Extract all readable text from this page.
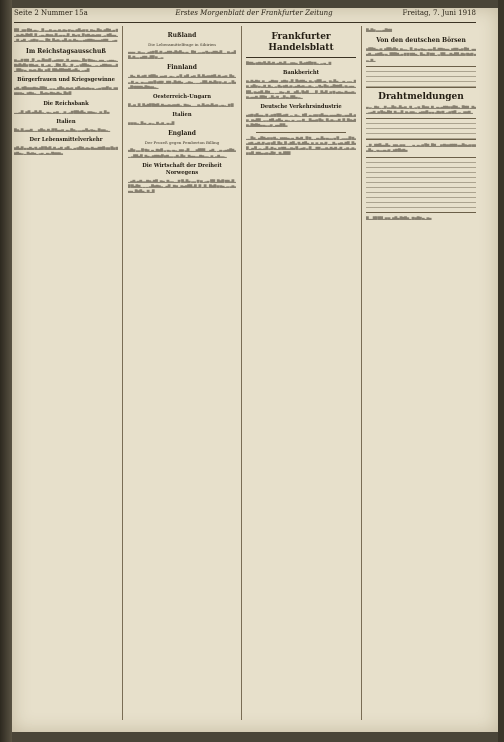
Seite 2 Nummer 15a	Erstes Morgenblatt der Frankfurter Zeitung	Freitag, 7. Juni 1918
▇▇ ▂▅▅ ▇▆▃▄▃ ▂▇ ▃▃▅▃▄▃▅▃▅▄ ▅ ▄▃▅▇▄▅ ▅▂▅▄▃▇▅▃▅▇▆▃▄ ▆▂▅▄▆▄▇▆▇▂▇▂▃▄▃▆▅▅▃▇▃▄ ▄▃▇ ▂▆▄ ▅▂▇ ▅▆▄▅▄▅▅ ▂▃ ▆▇▄▄▂ ▂▆▂▄▆▂ ▃▅▆ ▅ ▃▃▂▇▆▂▇▄▅▃ ▄▇▃▅▃▆▄▃▃ ▄▅▆▆▅▄▄▄▅▆▆▂▂▃▄
Im Reichstagsausschuß
▅▃▃▆ ▆▆ ▂▇ ▂▄▃▇▅▅▇ ▃▄▅▅▅ ▂▆▂▄▄▄▃▂▇▅ ▆▅▄▃▂▄▄▂ ▃▄▄▃▂▆▅▇▅▇▅ ▆▆▄▅▂ ▆▂▃▅▂ ▂▇▆▂▇▃ ▂▆ ▂▃ ▅▇▇▅▄▂▂▃▂▄▆▆▅▅▃▃▆ ▂▇▇▅ ▄▂ ▅▄▅▃▇▅▂▅ ▇▂▇▇▅▇▇▆▆▇▄▅▇▄▂▃ ▄▇
Bürgerfrauen und Kriegsgewinne
▄▆▃ ▆▇▅▅▅▆▅▄▇▇▆▂ ▃ ▃▂▅▇▅▃▅▄▅▂▅▇▄▅▄▅▄ ▄▂▃▄ ▅▅▇ ▅▂▅▅▅▅ ▅▄▂ ▅▆▅▃▂▂▇▄▅▄ ▆▅▄▆▄▂▇▅ ▇
Die Reichsbank
▂▂▃▇▂▅▇▃▄▇▄▇▃▂ ▄▃▂▄ ▅▂ ▂▅ ▂▃▆ ▇▇▅▇▄▂▅▅▄▃ ▂▅▂▇ ▄
Italien
▇▅▃▇▃▄▄▆▂ ▂ ▅▇▅▃▆▃▇ ▇▄▄▅▂▄▃▇▅▃ ▃▃▄ ▇▄ ▅▄▃ ▇ ▅▅▃▂
Der Lebensmittelverkehr
▅▇▄▇ ▄ ▄▆▄ ▆▃▅▇ ▇▅▇▃▆▃▄▆▂▅▇▃▂▄ ▅▇▆▃▅▄ ▆▄▄▆▆▇ ▅▅ ▇▅ ▆ ▅▆▄▃ ▂ ▆▄▅▄▂ ▃▄ ▂▄▃ ▆▅▅▅▃
Rußland
Die Lebensmittelfrage in Sibirien
▄▄▄ ▂▅▃▃ ▂▄▅▆ ▇▃▆ ▃▄▆▆ ▄▇▅▇▄▃▄▂ ▇▆▂▃▃▄ ▆▄ ▄▆▆▄▇▂▂ ▅▃▄▇▇▃▆▃▃ ▄▆▆ ▃▇▇ ▅ ▂ ▃
Finnland
▂▆▄▂▆▃▅▆▂▆▇▇▅▂▄▄▅ ▂▄▃▂▄ ▇▂▅▇▂▄▅▂▇▃▇▄▅▅▆▇▃▆▃▄▅▂▇▅▂▃ ▆▂▄▂ ▄ ▃▃▅▅ ▇ ▅▆▆ ▂▆▆ ▃▇▅▆▄ ▂▃▅▄▂ ▂▂▃▇▇▃▆▄▇▅ ▅ ▃▅▂▃ ▇▄ ▃▇ ▆▆▆▆▄▇▆▅▅▃▂
Oesterreich-Ungarn
▇ ▃▅▂▇▂▇▄▆▇ ▇▆▇▃▆▄▄▅▄▅▅▆▃▂▆▅▄▂▂▂▅▃▇▄▅▄▇▄▅ ▃ ▄▃▂▆ ▇
Italien
▅ ▅ ▅▃▂▇ ▄ ▂▄ ▃▂▆ ▃▅▂ ▄ ▃▇
England
Der Prozeß gegen Pemberton Billing
▄▇▅ ▃▃ ▇ ▆▅▂▄▂▆▅▇ ▃ ▄▃ ▄▃▂▅▅ ▃▇▂▂▂▅▇▇▇▂▂▄▆▂ ▂▄ ▃▄▅▇▆▃ ▂ ▃▇▇▄▇▂▆▄ ▃▅▆▆▅▇ ▅▆▃▃ ▃▆▃▇▅ ▂▆▄▄▃▃▆▅▃▃▂▅▂▃▆▃▃▂
Die Wirtschaft der Dreiheit Norwegens
▂▄▆▃▄▆▃▃▆▅▃▆▇▂▅▄▂▆▃▃▂▂▆ ▇▃▇▄ ▃▃ ▆ ▅▂▃▄ ▇▇▂▇▅▇ ▆▆▃▇▂ ▇ ▇▄▇▆▂ ▂ ▂ ▃▇▅▆▅▃ ▂▄▇ ▂▆▅ ▂▅▄▅▇▇▃▇▂▇ ▂▇▂ ▇▅▇ ▅ ▅▄▂▃ ▃▅▃▄▄▂▇▅▇▄▂ ▆ ▂▇
Frankfurter Handelsblatt
▇▆▆▄ ▅▆▅ ▇▄▇▄▆▃▄▆▄▇▃▃▅▅▄▂▇▄▅▆▇▆ ▆▃▂▃ ▄▂ ▆
Bankbericht
▅▃▆▄▆▅▂▅▂▂▄▆▅▅ ▂▅▆▅ ▃▇▂▇▅▆▆▄▂▅▃ ▅▇▇▃▄▂ ▅▃▇▄▂▂▄▂▃▃▂▆ ▅▂▅▇▅ ▄ ▃▆▂▆▃▂▃ ▆▄ ▅▆▃▅ ▃▄▆▄▅▃▃▅▃▂▃ ▆▄ ▇▅▃▄▇▆▆▇▃ ▅▃▄▄▂ ▇▇▃ ▅▄▅▇▃▇▆▂▂ ▂▂▅▄ ▃▆▂▂▅▇▃ ▇▅▇▂▂▂▇ ▂▇▄▇▂▅ ▆ ▄▅▄▃▆▄▄▅▃▅▃▄▄▆▃▇▇▆▂▃▇▄ ▆▂▃▇ ▄▃▇▇▄ ▃▂
Deutsche Verkehrsindustrie
▄▅▆ ▅▇▄▄▃ ▆ ▃▅ ▆ ▇▇▄▅▆▂▃▂▅▃▂ ▆▇▂▄▃▅▅ ▅▇▄▄▃▄▄▄▆▅ ▃ ▄▄▇▃▅▅ ▂▅▄▇▇▂ ▃ ▃ ▆▇▃▅▇▄▂▄▃▂▄ ▂▃▃ ▆▂▂▇▄▄▅ ▇▅▂ ▇▃▅▃ ▃▆▂▇▂▇▅▄▆▅▃▇▆▇▆▄ ▄▃ ▃▅ ▂▄▄▇ ▇▃
▂▂▇▅▂ ▄▇▆▄▅ ▅ ▆▃▂▅▅▅▄▃▄▂▆▄▆▂ ▇ ▆▂ ▂▄▃▇▄ ▄▃▃ ▄ ▇ ▂▃▃▃▇ ▆▃▃▅▆▃▄▆▃▆ ▄▅ ▅▇▂▇▅▂▇ ▃▆▇▃ ▆▃▆▇▄▂▅▂▅▂▅▃▆ ▂▂▆▃ ▄▅▃▆▇▂▇▄▇ ▂▄ ▇▂▃▂▃▇ ▃▆ ▄▂▅ ▆▆▃▃▅▄ ▇ ▃▄▅ ▃ ▇▂▂▆▆ ▃▃▅▃▆▄▆ ▃▆▂▃▅ ▃▅▃▅ ▅▇▂▆▆▄ ▄▅ ▄▇▆ ▂ ▆▃▇▇▇
▇▄▇▅ ▃▃▃▄▇▆▆
Von den deutschen Börsen
▅▇▇▆▄▃▅▂▅▇▇▅▇▅▂▅▃▃▂ ▇▂▅ ▄ ▅▄▃ ▄▄ ▇▃▆▆▅▄▄▂▅▆▆ ▄▅ ▇▆▂ ▄▄▄▆▃▃▅▆▇▄ ▄▂▇▇▇▆▃▄ ▆ ▆ ▆▆▄▂ ▇▄▃▇ ▆▆▂ ▃ ▇▇▃▃▆▄▇▇▃▆▅ ▆▅▆ ▄ ▃▂▆▂
Drahtmeldungen
▄ ▃ ▂▆▅▂ ▂▆ ▃▃▇▅ ▃▇▄ ▅▂ ▆▂ ▃ ▅▂▇▅▅▂▆▂ ▄▃▄▆▆▅ ▅▇▆▃▂▇▆▆ ▂▆▄▂▃▄▆▂▅ ▇▅▄▇▆▂▆▃▃▇▂▅▃▅▅▃▂▄▅▅▇ ▄ ▄ ▃▆▅ ▆▂▃▅ ▆▇▂▃ ▂▅▅▆▂
▂ ▆ ▂▆▆▇▄▄▇▄ ▂▅▅▃▅ ▅▂▂▂ ▄▂▄▃▅ ▇▆▂▇▆▂▂▅ ▆▅▅▆▆▆ ▄▄▇▅▄▅ ▅▅▃▇▄ ▂ ▄▃▃▄▃▅ ▂▅▆ ▇▅▆▄
▇▂▂▇▇ ▇▇▂▅ ▅▂▅▇▄ ▇▆▇▅▂ ▆ ▅▇▆ ▄▂▅▄
